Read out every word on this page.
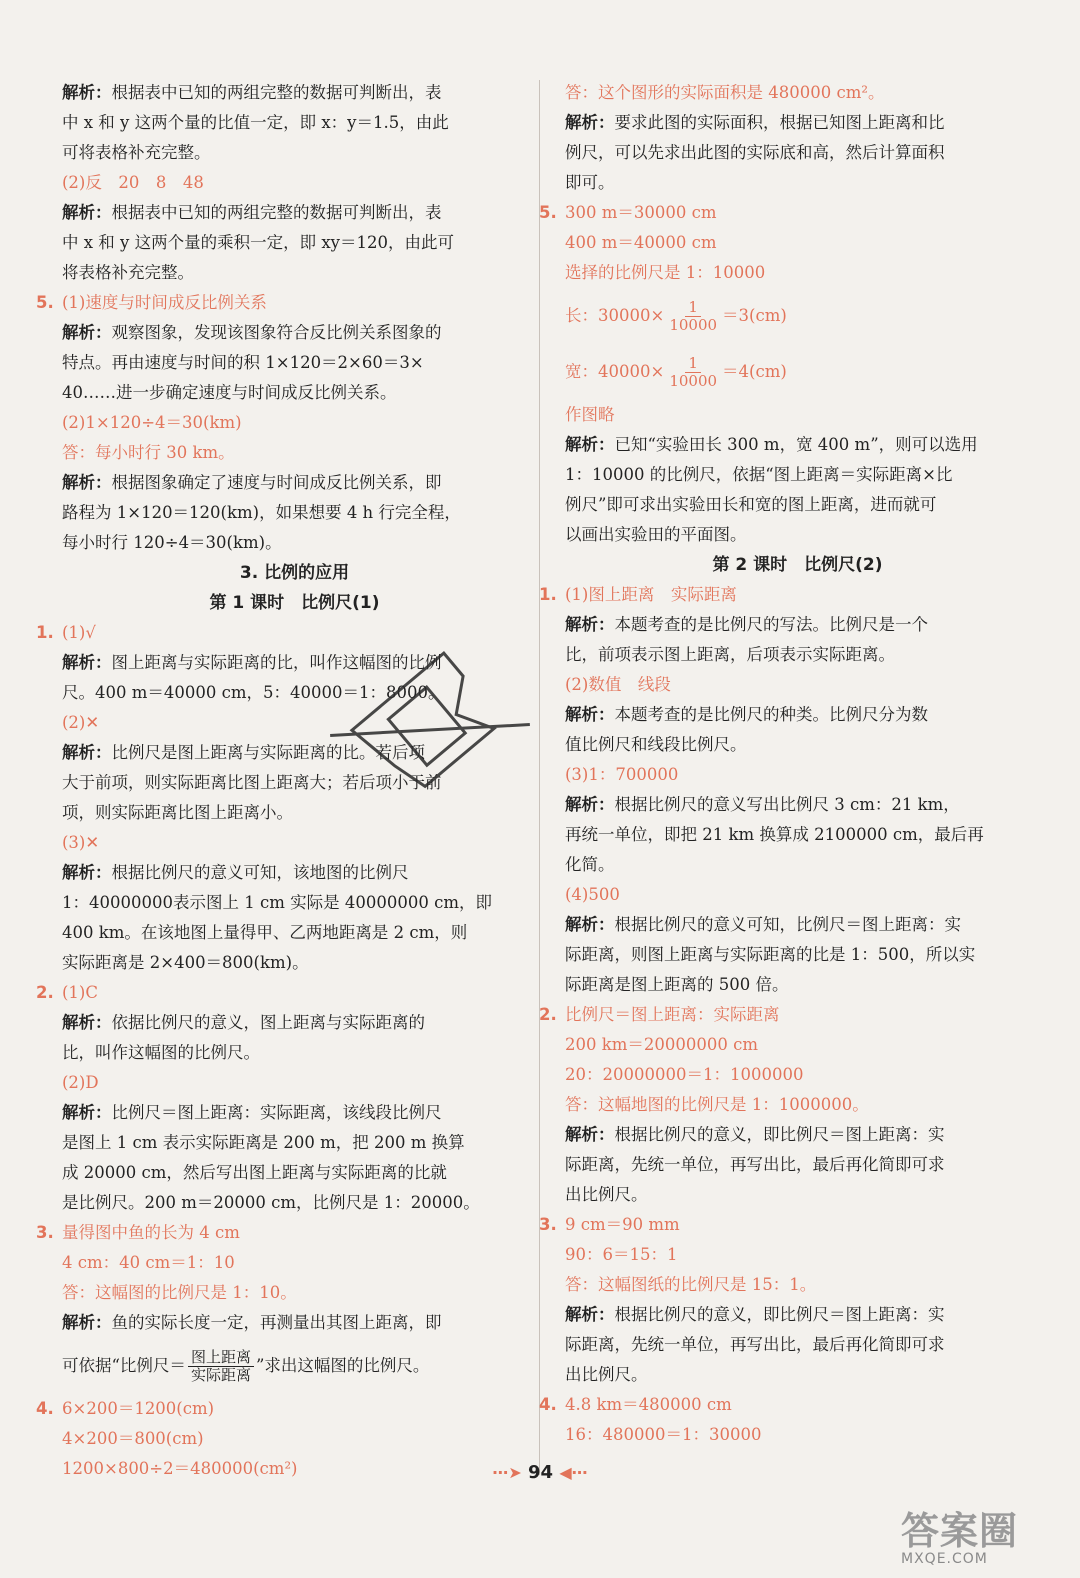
解析：根据表中已知的两组完整的数据可判断出，表
中 x 和 y 这两个量的比值一定，即 x：y＝1.5，由此
可将表格补充完整。
(2)反　20　8　48
解析：根据表中已知的两组完整的数据可判断出，表
中 x 和 y 这两个量的乘积一定，即 xy＝120，由此可
将表格补充完整。
5. (1)速度与时间成反比例关系
解析：观察图象，发现该图象符合反比例关系图象的
特点。再由速度与时间的积 1×120＝2×60＝3×
40……进一步确定速度与时间成反比例关系。
(2)1×120÷4＝30(km)
答：每小时行 30 km。
解析：根据图象确定了速度与时间成反比例关系，即
路程为 1×120＝120(km)，如果想要 4 h 行完全程，
每小时行 120÷4＝30(km)。
3. 比例的应用
第 1 课时　比例尺(1)
1. (1)√
解析：图上距离与实际距离的比，叫作这幅图的比例
尺。400 m＝40000 cm，5：40000＝1：8000。
(2)✕
解析：比例尺是图上距离与实际距离的比。若后项
大于前项，则实际距离比图上距离大；若后项小于前
项，则实际距离比图上距离小。
(3)✕
解析：根据比例尺的意义可知，该地图的比例尺
1：40000000表示图上 1 cm 实际是 40000000 cm，即
400 km。在该地图上量得甲、乙两地距离是 2 cm，则
实际距离是 2×400＝800(km)。
2. (1)C
解析：依据比例尺的意义，图上距离与实际距离的
比，叫作这幅图的比例尺。
(2)D
解析：比例尺＝图上距离：实际距离，该线段比例尺
是图上 1 cm 表示实际距离是 200 m，把 200 m 换算
成 20000 cm，然后写出图上距离与实际距离的比就
是比例尺。200 m＝20000 cm，比例尺是 1：20000。
3. 量得图中鱼的长为 4 cm
4 cm：40 cm＝1：10
答：这幅图的比例尺是 1：10。
解析：鱼的实际长度一定，再测量出其图上距离，即
可依据“比例尺＝ $\frac{\text{图上距离}}{\text{实际距离}}$ ”求出这幅图的比例尺。
4. 6×200＝1200(cm)
4×200＝800(cm)
1200×800÷2＝480000(cm²)
答：这个图形的实际面积是 480000 cm²。
解析：要求此图的实际面积，根据已知图上距离和比
例尺，可以先求出此图的实际底和高，然后计算面积
即可。
5. 300 m＝30000 cm
400 m＝40000 cm
选择的比例尺是 1：10000
长：$30000\times \frac{1}{10000} =3(cm)$
宽：$40000\times \frac{1}{10000} =4(cm)$
作图略
解析：已知“实验田长 300 m，宽 400 m”，则可以选用
1：10000 的比例尺，依据“图上距离＝实际距离×比
例尺”即可求出实验田长和宽的图上距离，进而就可
以画出实验田的平面图。
第 2 课时　比例尺(2)
1. (1)图上距离　实际距离
解析：本题考查的是比例尺的写法。比例尺是一个
比，前项表示图上距离，后项表示实际距离。
(2)数值　线段
解析：本题考查的是比例尺的种类。比例尺分为数
值比例尺和线段比例尺。
(3)1：700000
解析：根据比例尺的意义写出比例尺 3 cm：21 km，
再统一单位，即把 21 km 换算成 2100000 cm，最后再
化简。
(4)500
解析：根据比例尺的意义可知，比例尺＝图上距离：实
际距离，则图上距离与实际距离的比是 1：500，所以实
际距离是图上距离的 500 倍。
2. 比例尺＝图上距离：实际距离
200 km＝20000000 cm
20：20000000＝1：1000000
答：这幅地图的比例尺是 1：1000000。
解析：根据比例尺的意义，即比例尺＝图上距离：实
际距离，先统一单位，再写出比，最后再化简即可求
出比例尺。
3. 9 cm＝90 mm
90：6＝15：1
答：这幅图纸的比例尺是 15：1。
解析：根据比例尺的意义，即比例尺＝图上距离：实
际距离，先统一单位，再写出比，最后再化简即可求
出比例尺。
4. 4.8 km＝480000 cm
16：480000＝1：30000
⋯➤ 94 ◀⋯
答案圈
MXQE.COM
